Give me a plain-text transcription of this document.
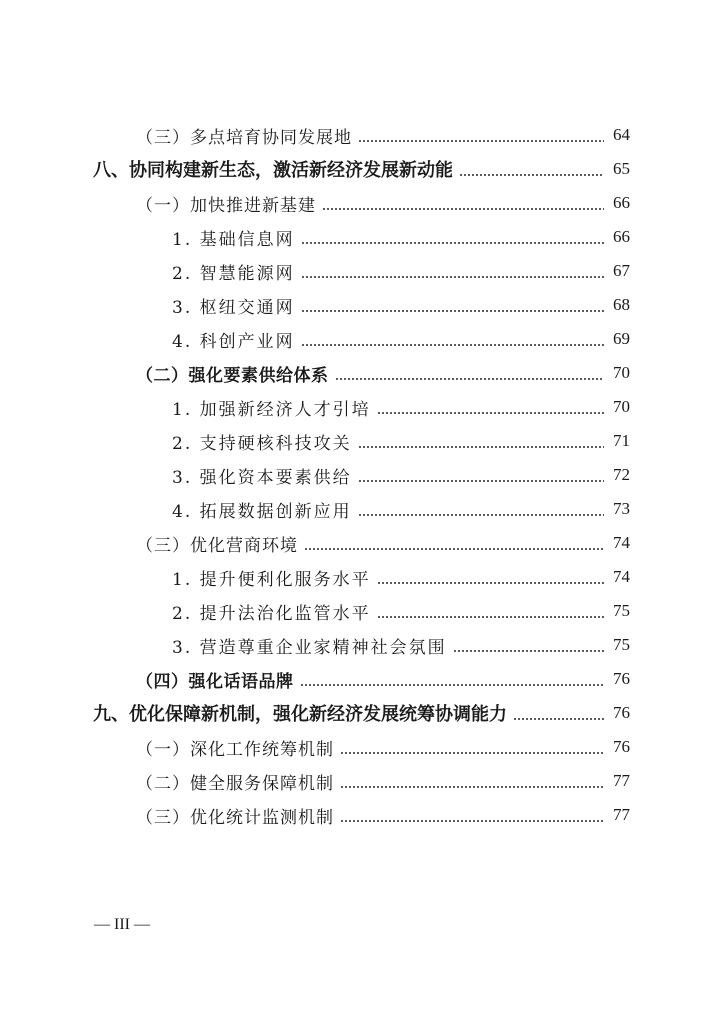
（三）多点培育协同发展地	64
八、协同构建新生态，激活新经济发展新动能	65
（一）加快推进新基建	66
1. 基础信息网	66
2. 智慧能源网	67
3. 枢纽交通网	68
4. 科创产业网	69
（二）强化要素供给体系	70
1. 加强新经济人才引培	70
2. 支持硬核科技攻关	71
3. 强化资本要素供给	72
4. 拓展数据创新应用	73
（三）优化营商环境	74
1. 提升便利化服务水平	74
2. 提升法治化监管水平	75
3. 营造尊重企业家精神社会氛围	75
（四）强化话语品牌	76
九、优化保障新机制，强化新经济发展统筹协调能力	76
（一）深化工作统筹机制	76
（二）健全服务保障机制	77
（三）优化统计监测机制	77
— III —
